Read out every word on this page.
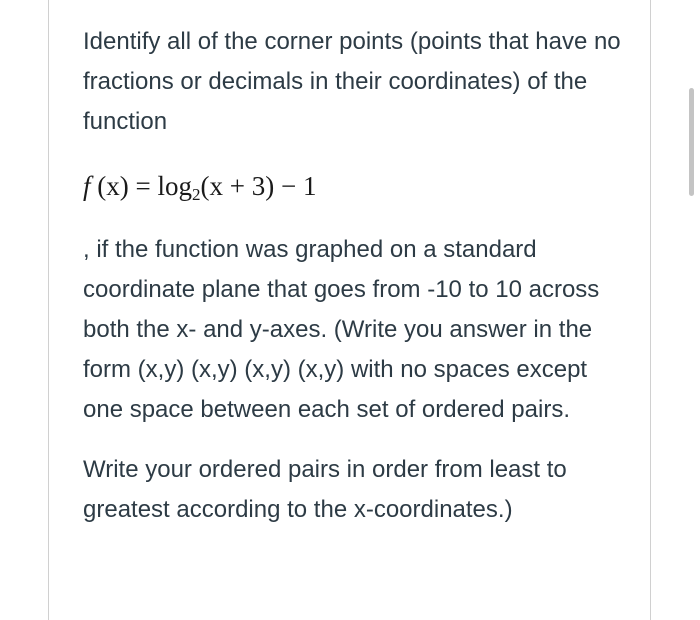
Identify all of the corner points (points that have no fractions or decimals in their coordinates) of the function

f $(x) = \log_2(x + 3) - 1$

, if the function was graphed on a standard coordinate plane that goes from -10 to 10 across both the x- and y-axes. (Write you answer in the form (x,y) (x,y) (x,y) (x,y) with no spaces except one space between each set of ordered pairs.

Write your ordered pairs in order from least to greatest according to the x-coordinates.)
